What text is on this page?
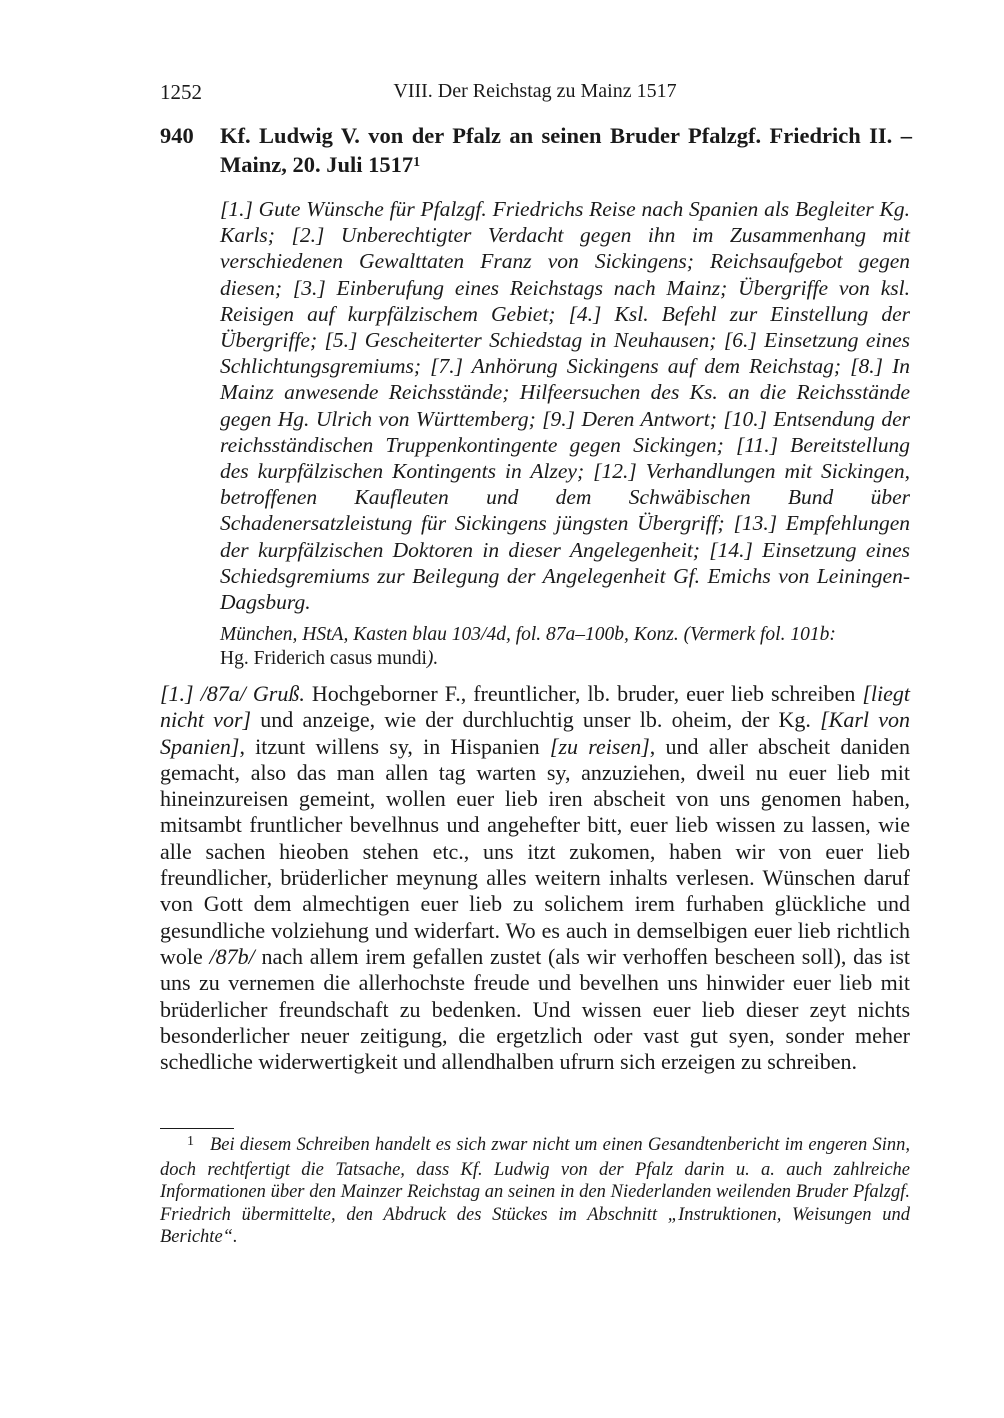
1252	VIII. Der Reichstag zu Mainz 1517
940 Kf. Ludwig V. von der Pfalz an seinen Bruder Pfalzgf. Friedrich II. – Mainz, 20. Juli 1517$^1$
[1.] Gute Wünsche für Pfalzgf. Friedrichs Reise nach Spanien als Begleiter Kg. Karls; [2.] Unberechtigter Verdacht gegen ihn im Zusammenhang mit verschiedenen Gewalttaten Franz von Sickingens; Reichsaufgebot gegen diesen; [3.] Einberufung eines Reichstags nach Mainz; Übergriffe von ksl. Reisigen auf kurpfälzischem Gebiet; [4.] Ksl. Befehl zur Einstellung der Übergriffe; [5.] Gescheiterter Schiedstag in Neuhausen; [6.] Einsetzung eines Schlichtungsgremiums; [7.] Anhörung Sickingens auf dem Reichstag; [8.] In Mainz anwesende Reichsstände; Hilfeersuchen des Ks. an die Reichsstände gegen Hg. Ulrich von Württemberg; [9.] Deren Antwort; [10.] Entsendung der reichsständischen Truppenkontingente gegen Sickingen; [11.] Bereitstellung des kurpfälzischen Kontingents in Alzey; [12.] Verhandlungen mit Sickingen, betroffenen Kaufleuten und dem Schwäbischen Bund über Schadenersatzleistung für Sickingens jüngsten Übergriff; [13.] Empfehlungen der kurpfälzischen Doktoren in dieser Angelegenheit; [14.] Einsetzung eines Schiedsgremiums zur Beilegung der Angelegenheit Gf. Emichs von Leiningen-Dagsburg.
München, HStA, Kasten blau 103/4d, fol. 87a–100b, Konz. (Vermerk fol. 101b:
Hg. Friderich casus mundi).
[1.] /87a/ Gruß. Hochgeborner F., freuntlicher, lb. bruder, euer lieb schreiben [liegt nicht vor] und anzeige, wie der durchluchtig unser lb. oheim, der Kg. [Karl von Spanien], itzunt willens sy, in Hispanien [zu reisen], und aller abscheit daniden gemacht, also das man allen tag warten sy, anzuziehen, dweil nu euer lieb mit hineinzureisen gemeint, wollen euer lieb iren abscheit von uns genomen haben, mitsambt fruntlicher bevelhnus und angehefter bitt, euer lieb wissen zu lassen, wie alle sachen hieoben stehen etc., uns itzt zukomen, haben wir von euer lieb freundlicher, brüderlicher meynung alles weitern inhalts verlesen. Wünschen daruf von Gott dem almechtigen euer lieb zu solichem irem furhaben glückliche und gesundliche volziehung und widerfart. Wo es auch in demselbigen euer lieb richtlich wole /87b/ nach allem irem gefallen zustet (als wir verhoffen bescheen soll), das ist uns zu vernemen die allerhochste freude und bevelhen uns hinwider euer lieb mit brüderlicher freundschaft zu bedenken. Und wissen euer lieb dieser zeyt nichts besonderlicher neuer zeitigung, die ergetzlich oder vast gut syen, sonder meher schedliche widerwertigkeit und allendhalben ufrurn sich erzeigen zu schreiben.
$^1$ Bei diesem Schreiben handelt es sich zwar nicht um einen Gesandtenbericht im engeren Sinn, doch rechtfertigt die Tatsache, dass Kf. Ludwig von der Pfalz darin u. a. auch zahlreiche Informationen über den Mainzer Reichstag an seinen in den Niederlanden weilenden Bruder Pfalzgf. Friedrich übermittelte, den Abdruck des Stückes im Abschnitt „Instruktionen, Weisungen und Berichte“.
